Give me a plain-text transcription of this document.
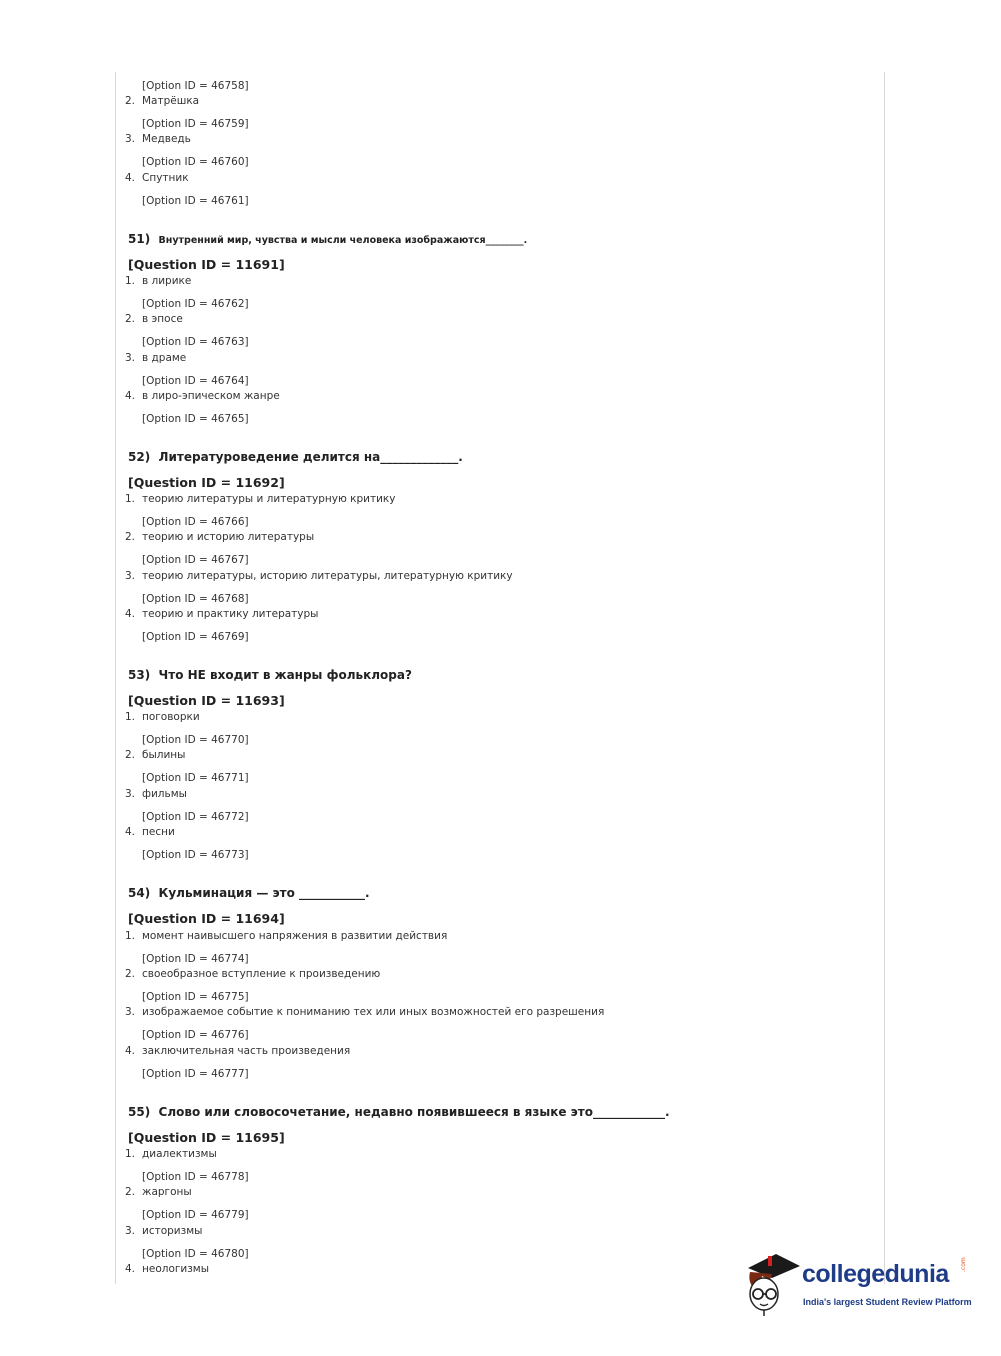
[Option ID = 46758]
2. Матрёшка
[Option ID = 46759]
3. Медведь
[Option ID = 46760]
4. Спутник
[Option ID = 46761]
51) Внутренний мир, чувства и мысли человека изображаются________.
[Question ID = 11691]
1. в лирике
[Option ID = 46762]
2. в эпосе
[Option ID = 46763]
3. в драме
[Option ID = 46764]
4. в лиро-эпическом жанре
[Option ID = 46765]
52) Литературоведение делится на_____________.
[Question ID = 11692]
1. теорию литературы и литературную критику
[Option ID = 46766]
2. теорию и историю литературы
[Option ID = 46767]
3. теорию литературы, историю литературы, литературную критику
[Option ID = 46768]
4. теорию и практику литературы
[Option ID = 46769]
53) Что НЕ входит в жанры фольклора?
[Question ID = 11693]
1. поговорки
[Option ID = 46770]
2. былины
[Option ID = 46771]
3. фильмы
[Option ID = 46772]
4. песни
[Option ID = 46773]
54) Кульминация — это ___________.
[Question ID = 11694]
1. момент наивысшего напряжения в развитии действия
[Option ID = 46774]
2. своеобразное вступление к произведению
[Option ID = 46775]
3. изображаемое событие к пониманию тех или иных возможностей его разрешения
[Option ID = 46776]
4. заключительная часть произведения
[Option ID = 46777]
55) Слово или словосочетание, недавно появившееся в языке это____________.
[Question ID = 11695]
1. диалектизмы
[Option ID = 46778]
2. жаргоны
[Option ID = 46779]
3. историзмы
[Option ID = 46780]
4. неологизмы	collegedunia .com
India's largest Student Review Platform
